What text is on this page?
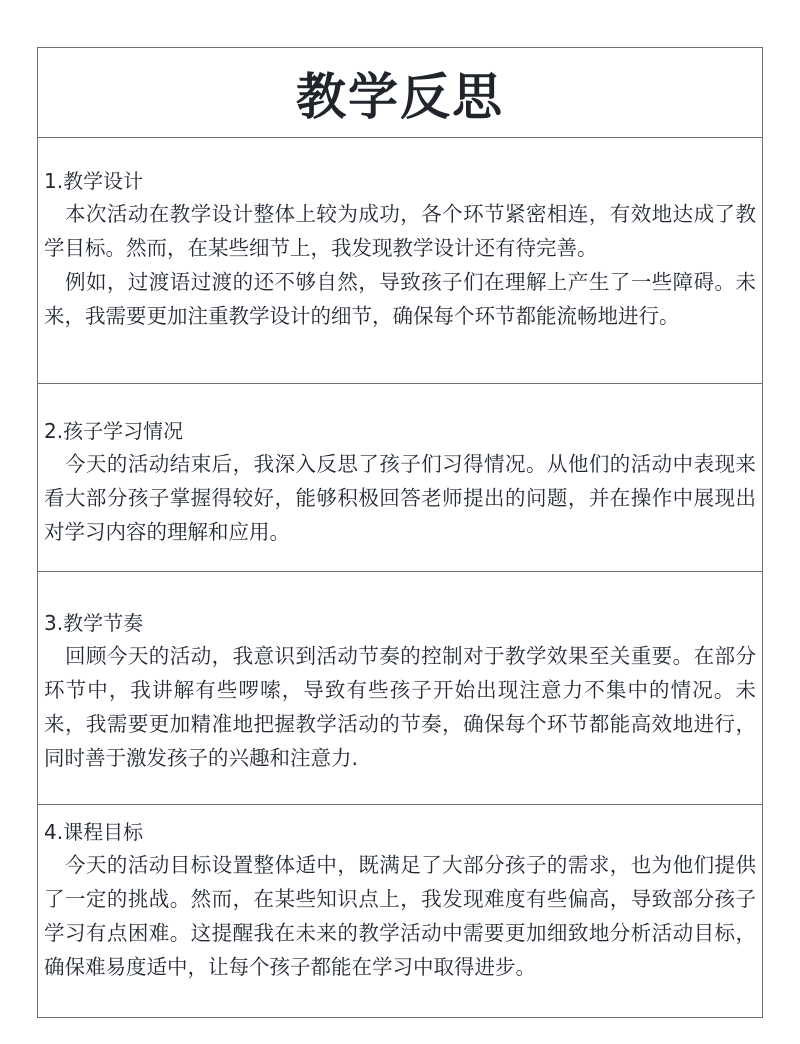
教学反思
1.教学设计

本次活动在教学设计整体上较为成功，各个环节紧密相连，有效地达成了教学目标。然而，在某些细节上，我发现教学设计还有待完善。

例如，过渡语过渡的还不够自然，导致孩子们在理解上产生了一些障碍。未来，我需要更加注重教学设计的细节，确保每个环节都能流畅地进行。

2.孩子学习情况

今天的活动结束后，我深入反思了孩子们习得情况。从他们的活动中表现来看大部分孩子掌握得较好，能够积极回答老师提出的问题，并在操作中展现出对学习内容的理解和应用。

3.教学节奏

回顾今天的活动，我意识到活动节奏的控制对于教学效果至关重要。在部分环节中，我讲解有些啰嗦，导致有些孩子开始出现注意力不集中的情况。未来，我需要更加精准地把握教学活动的节奏，确保每个环节都能高效地进行，同时善于激发孩子的兴趣和注意力.

4.课程目标

今天的活动目标设置整体适中，既满足了大部分孩子的需求，也为他们提供了一定的挑战。然而，在某些知识点上，我发现难度有些偏高，导致部分孩子学习有点困难。这提醒我在未来的教学活动中需要更加细致地分析活动目标，确保难易度适中，让每个孩子都能在学习中取得进步。
